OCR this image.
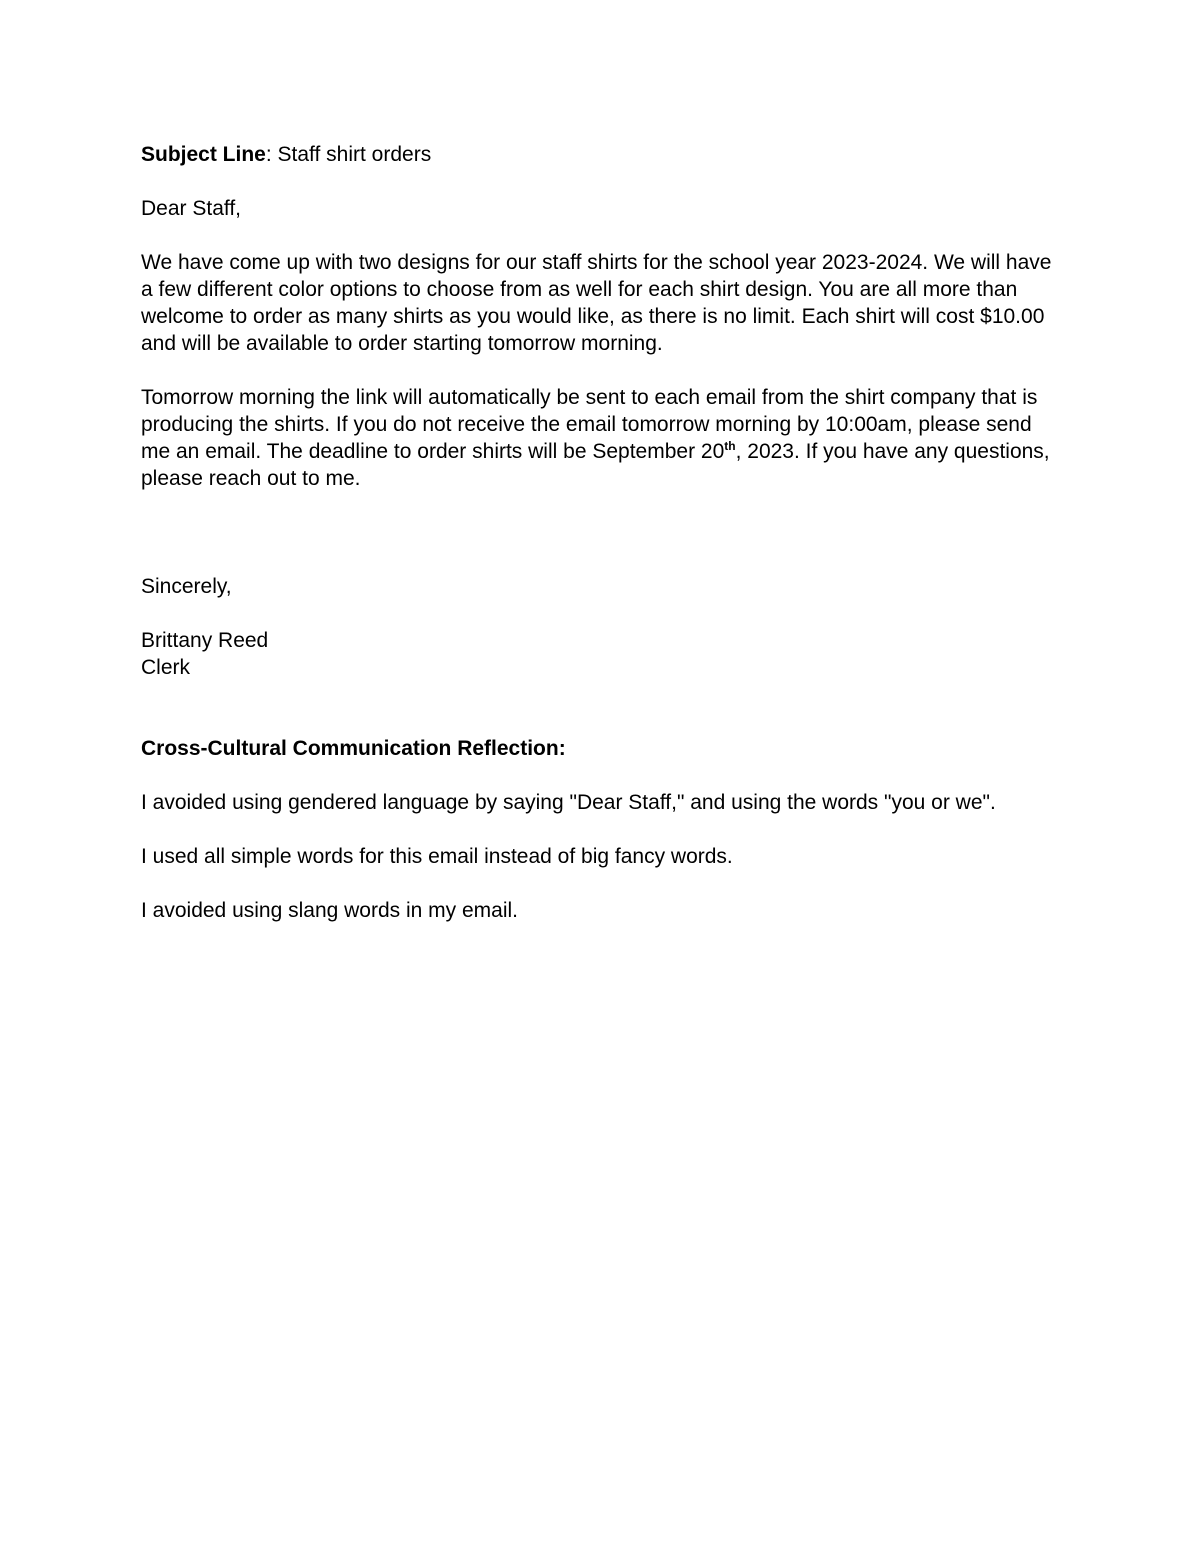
Subject Line: Staff shirt orders

Dear Staff,

We have come up with two designs for our staff shirts for the school year 2023-2024. We will have a few different color options to choose from as well for each shirt design. You are all more than welcome to order as many shirts as you would like, as there is no limit. Each shirt will cost $10.00 and will be available to order starting tomorrow morning.

Tomorrow morning the link will automatically be sent to each email from the shirt company that is producing the shirts. If you do not receive the email tomorrow morning by 10:00am, please send me an email. The deadline to order shirts will be September 20th, 2023. If you have any questions, please reach out to me.

Sincerely,

Brittany Reed

Clerk

Cross-Cultural Communication Reflection:

I avoided using gendered language by saying "Dear Staff," and using the words "you or we".

I used all simple words for this email instead of big fancy words.

I avoided using slang words in my email.
